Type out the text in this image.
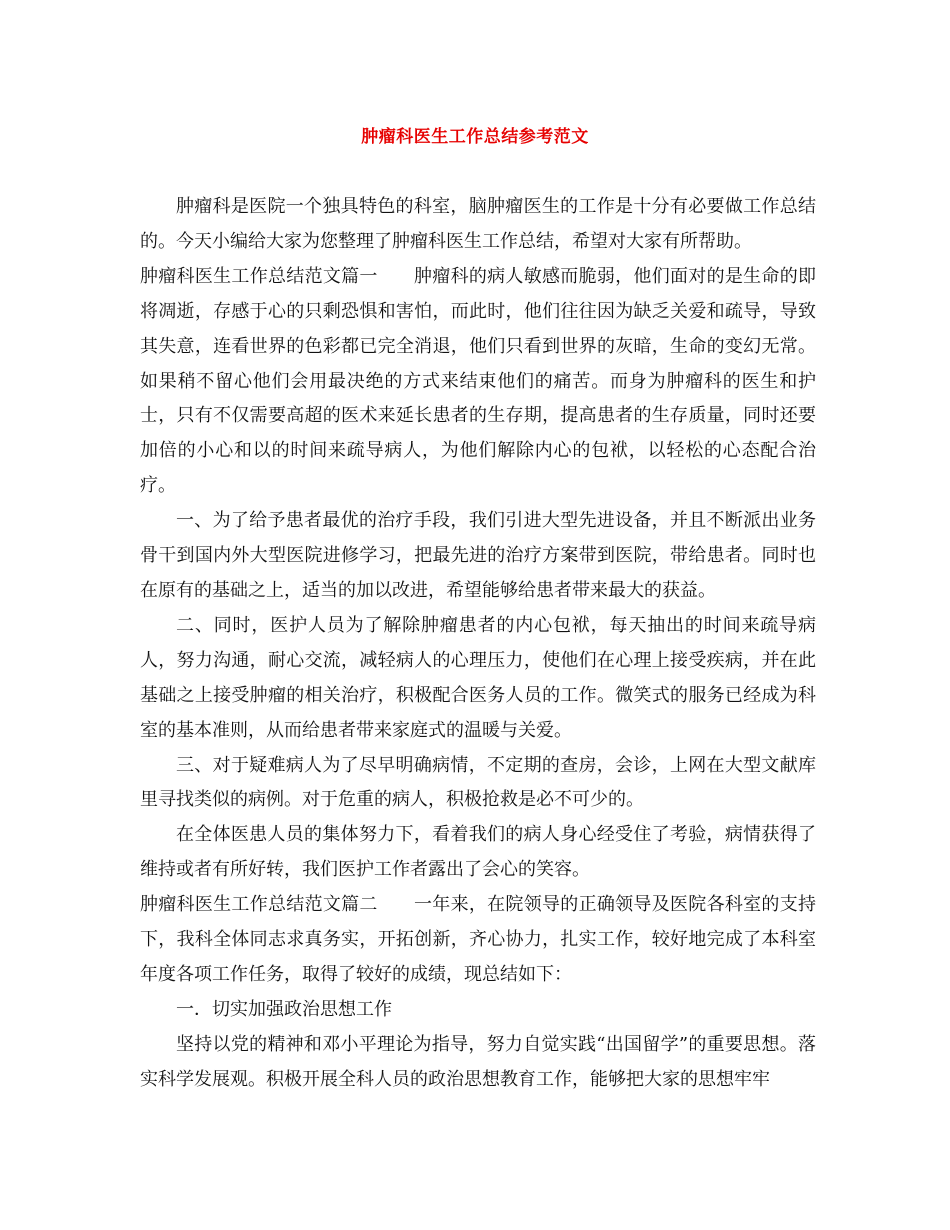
肿瘤科医生工作总结参考范文

肿瘤科是医院一个独具特色的科室，脑肿瘤医生的工作是十分有必要做工作总结的。今天小编给大家为您整理了肿瘤科医生工作总结，希望对大家有所帮助。

肿瘤科医生工作总结范文篇一 肿瘤科的病人敏感而脆弱，他们面对的是生命的即将凋逝，存感于心的只剩恐惧和害怕，而此时，他们往往因为缺乏关爱和疏导，导致其失意，连看世界的色彩都已完全消退，他们只看到世界的灰暗，生命的变幻无常。如果稍不留心他们会用最决绝的方式来结束他们的痛苦。而身为肿瘤科的医生和护士，只有不仅需要高超的医术来延长患者的生存期，提高患者的生存质量，同时还要加倍的小心和以的时间来疏导病人，为他们解除内心的包袱，以轻松的心态配合治疗。

一、为了给予患者最优的治疗手段，我们引进大型先进设备，并且不断派出业务骨干到国内外大型医院进修学习，把最先进的治疗方案带到医院，带给患者。同时也在原有的基础之上，适当的加以改进，希望能够给患者带来最大的获益。

二、同时，医护人员为了解除肿瘤患者的内心包袱，每天抽出的时间来疏导病人，努力沟通，耐心交流，减轻病人的心理压力，使他们在心理上接受疾病，并在此基础之上接受肿瘤的相关治疗，积极配合医务人员的工作。微笑式的服务已经成为科室的基本准则，从而给患者带来家庭式的温暖与关爱。

三、对于疑难病人为了尽早明确病情，不定期的查房，会诊，上网在大型文献库里寻找类似的病例。对于危重的病人，积极抢救是必不可少的。

在全体医患人员的集体努力下，看着我们的病人身心经受住了考验，病情获得了维持或者有所好转，我们医护工作者露出了会心的笑容。

肿瘤科医生工作总结范文篇二 一年来，在院领导的正确领导及医院各科室的支持下，我科全体同志求真务实，开拓创新，齐心协力，扎实工作，较好地完成了本科室年度各项工作任务，取得了较好的成绩，现总结如下：

一．切实加强政治思想工作

坚持以党的精神和邓小平理论为指导，努力自觉实践“出国留学”的重要思想。落实科学发展观。积极开展全科人员的政治思想教育工作，能够把大家的思想牢牢
